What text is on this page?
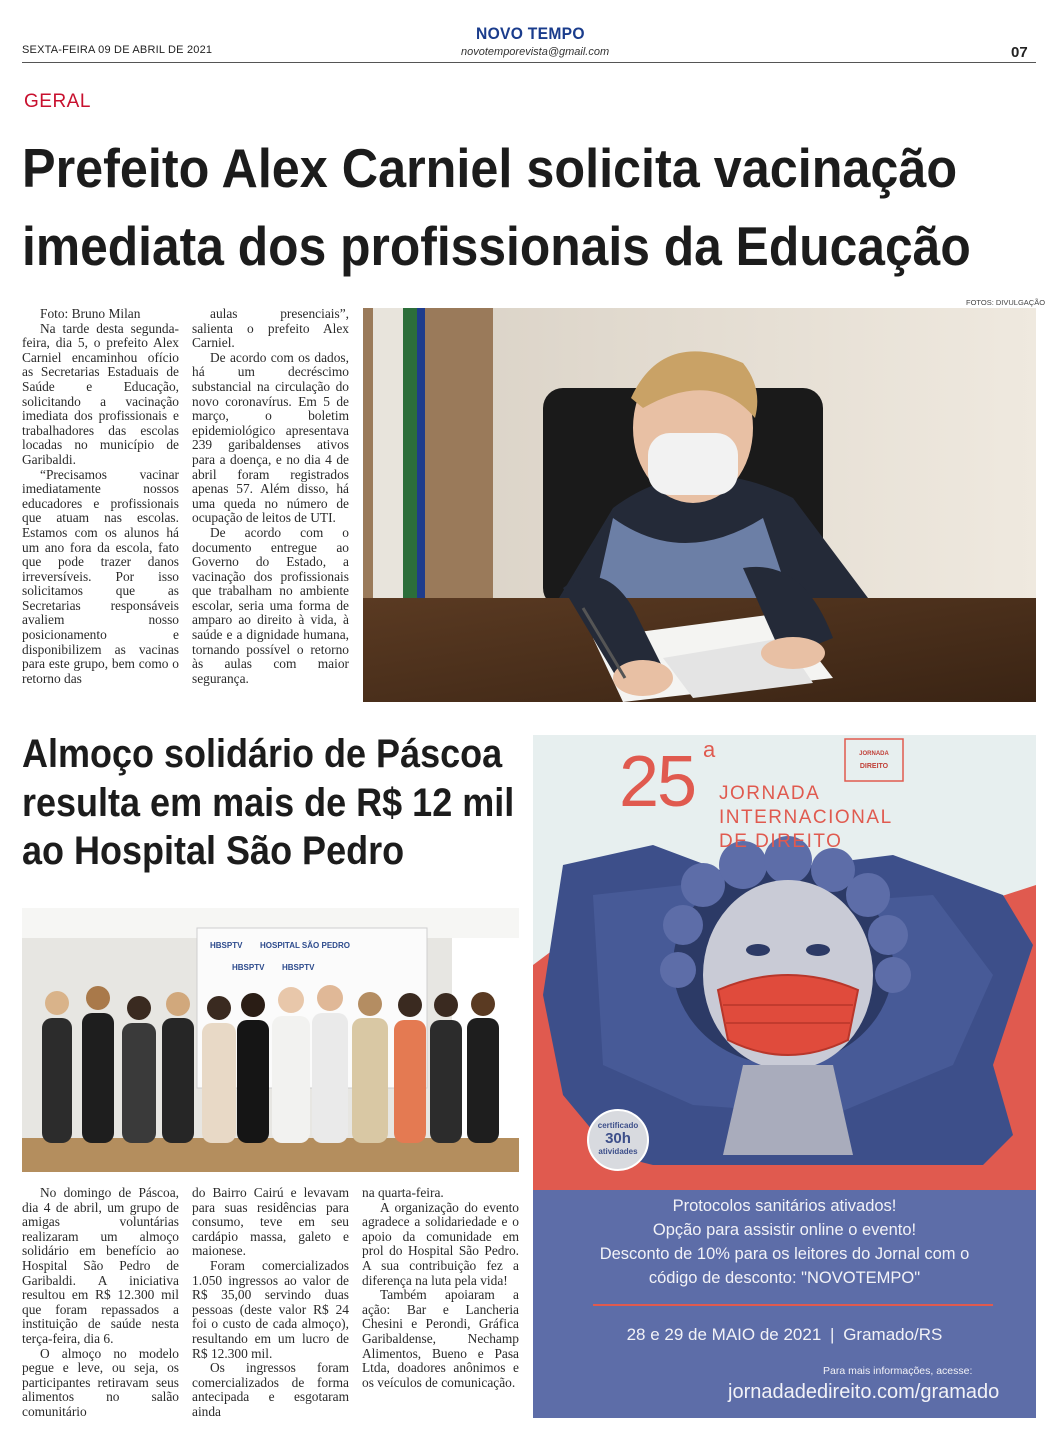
SEXTA-FEIRA 09 DE ABRIL DE 2021
NOVO TEMPO
novotemporevista@gmail.com	07
GERAL
Prefeito Alex Carniel solicita vacinação
imediata dos profissionais da Educação

Foto: Bruno Milan

Na tarde desta segunda-feira, dia 5, o prefeito Alex Carniel encaminhou ofício as Secretarias Estaduais de Saúde e Educação, solicitando a vacinação imediata dos profissionais e trabalhadores das escolas locadas no município de Garibaldi.

“Precisamos vacinar imediatamente nossos educadores e profissionais que atuam nas escolas. Estamos com os alunos há um ano fora da escola, fato que pode trazer danos irreversíveis. Por isso solicitamos que as Secretarias responsáveis avaliem nosso posicionamento e disponibilizem as vacinas para este grupo, bem como o retorno das

aulas presenciais”, salienta o prefeito Alex Carniel.

De acordo com os dados, há um decréscimo substancial na circulação do novo coronavírus. Em 5 de março, o boletim epidemiológico apresentava 239 garibaldenses ativos para a doença, e no dia 4 de abril foram registrados apenas 57. Além disso, há uma queda no número de ocupação de leitos de UTI.

De acordo com o documento entregue ao Governo do Estado, a vacinação dos profissionais que trabalham no ambiente escolar, seria uma forma de amparo ao direito à vida, à saúde e a dignidade humana, tornando possível o retorno às aulas com maior segurança.

FOTOS: DIVULGAÇÃO
Almoço solidário de Páscoa
resulta em mais de R$ 12 mil
ao Hospital São Pedro
HBSPTV HOSPITAL SÃO PEDRO
HBSPTV HBSPTV

No domingo de Páscoa, dia 4 de abril, um grupo de amigas voluntárias realizaram um almoço solidário em benefício ao Hospital São Pedro de Garibaldi. A iniciativa resultou em R$ 12.300 mil que foram repassados a instituição de saúde nesta terça-feira, dia 6.

O almoço no modelo pegue e leve, ou seja, os participantes retiravam seus alimentos no salão comunitário

do Bairro Cairú e levavam para suas residências para consumo, teve em seu cardápio massa, galeto e maionese.

Foram comercializados 1.050 ingressos ao valor de R$ 35,00 servindo duas pessoas (deste valor R$ 24 foi o custo de cada almoço), resultando em um lucro de R$ 12.300 mil.

Os ingressos foram comercializados de forma antecipada e esgotaram ainda

na quarta-feira.

A organização do evento agradece a solidariedade e o apoio da comunidade em prol do Hospital São Pedro. A sua contribuição fez a diferença na luta pela vida!

Também apoiaram a ação: Bar e Lancheria Chesini e Perondi, Gráfica Garibaldense, Nechamp Alimentos, Bueno e Pasa Ltda, doadores anônimos e os veículos de comunicação.

25 a
JORNADA
INTERNACIONAL
DE DIREITO
JORNADA
DIREITO
certificado
30h
atividades
Protocolos sanitários ativados!
Opção para assistir online o evento!
Desconto de 10% para os leitores do Jornal com o
código de desconto: "NOVOTEMPO"
28 e 29 de MAIO de 2021 | Gramado/RS
Para mais informações, acesse:
jornadadedireito.com/gramado
